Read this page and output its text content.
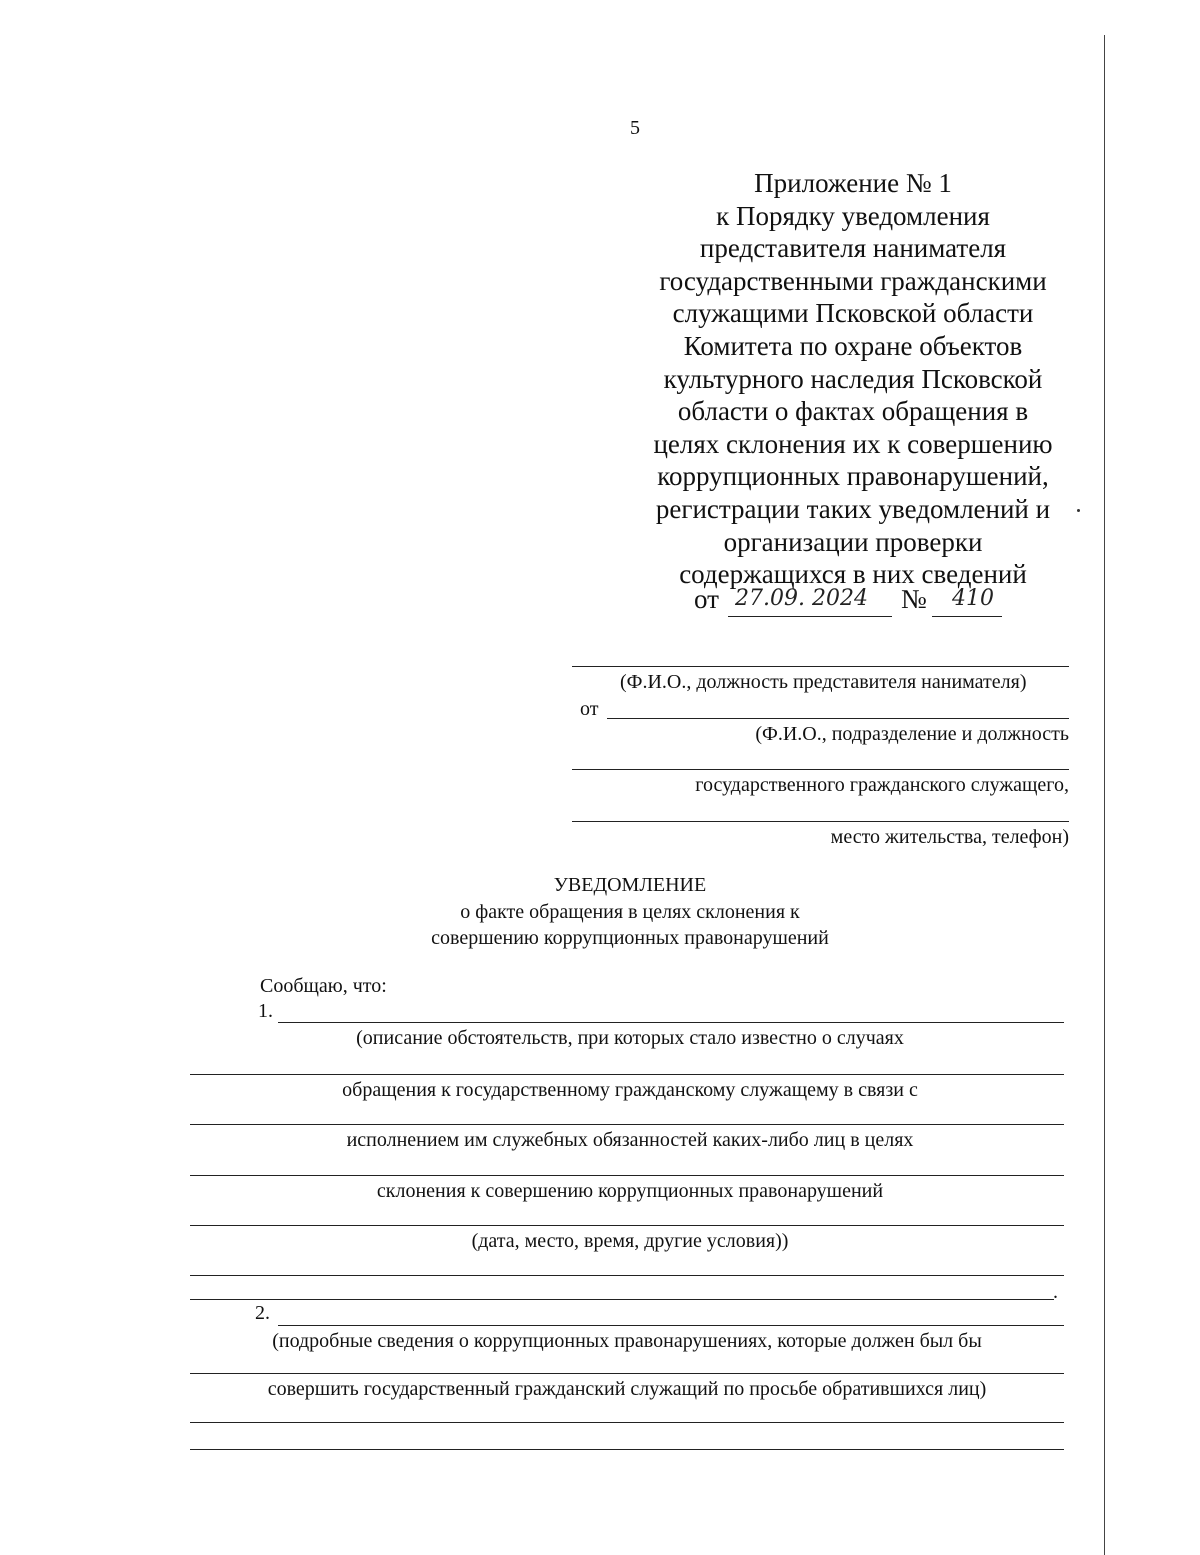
5
Приложение № 1
к Порядку уведомления
представителя нанимателя
государственными гражданскими
служащими Псковской области
Комитета по охране объектов
культурного наследия Псковской
области о фактах обращения в
целях склонения их к совершению
коррупционных правонарушений,
регистрации таких уведомлений и
организации проверки
содержащихся в них сведений
от 27.09. 2024 № 410
(Ф.И.О., должность представителя нанимателя)
от
(Ф.И.О., подразделение и должность
государственного гражданского служащего,
место жительства, телефон)
УВЕДОМЛЕНИЕ
о факте обращения в целях склонения к
совершению коррупционных правонарушений
Сообщаю, что:
1.
(описание обстоятельств, при которых стало известно о случаях
обращения к государственному гражданскому служащему в связи с
исполнением им служебных обязанностей каких-либо лиц в целях
склонения к совершению коррупционных правонарушений
(дата, место, время, другие условия))
.
2.
(подробные сведения о коррупционных правонарушениях, которые должен был бы
совершить государственный гражданский служащий по просьбе обратившихся лиц)
